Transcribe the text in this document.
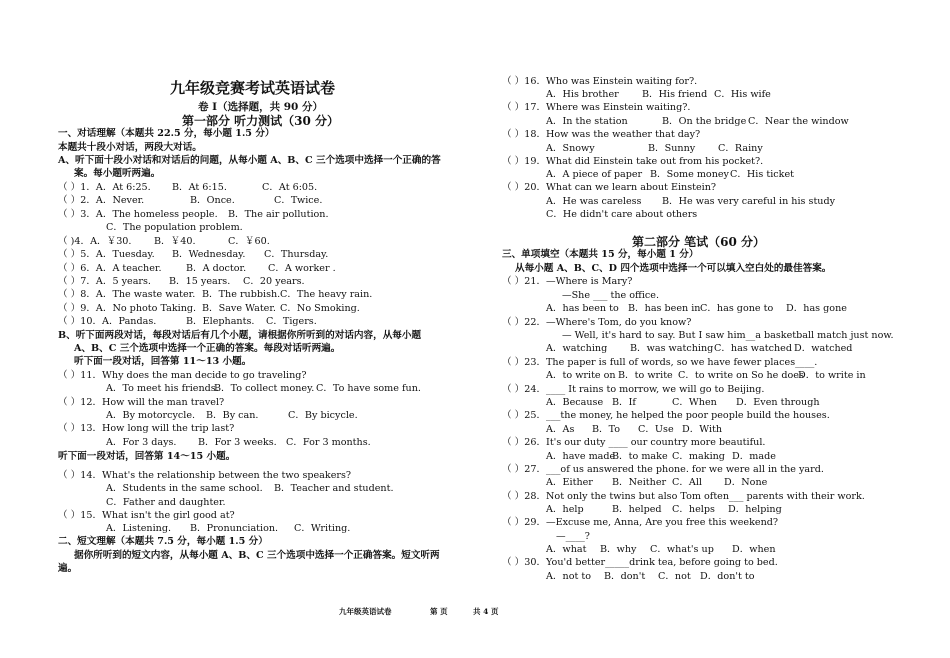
九年级竞赛考试英语试卷
卷 I（选择题，共 90 分）
第一部分 听力测试（30 分）
一、对话理解（本题共 22.5 分，每小题 1.5 分）
本题共十段小对话，两段大对话。
A、听下面十段小对话和对话后的问题，从每小题 A、B、C 三个选项中选择一个正确的答
案。每小题听两遍。
（ ）1．A．At 6:25. B．At 6:15.	C．At 6:05.
（ ）2．A．Never.	B．Once.	C．Twice.
（ ）3．A．The homeless people. B．The air pollution.
C．The population problem.
（ )4．A．￥30. B．￥40.	C．￥60.
（ ）5．A．Tuesday. B．Wednesday. C．Thursday.
（ ）6．A．A teacher.	B．A doctor. C．A worker .
（ ）7．A．5 years. B．15 years. C．20 years.
（ ）8．A．The waste water. B．The rubbish.C．The heavy rain.
（ ）9．A．No photo Taking. B．Save Water. C．No Smoking.
（ ）10．A．Pandas.	B．Elephants. C．Tigers.
B、听下面两段对话，每段对话后有几个小题，请根据你所听到的对话内容，从每小题
A、B、C 三个选项中选择一个正确的答案。每段对话听两遍。
听下面一段对话，回答第 11～13 小题。
（ ）11．Why does the man decide to go traveling?
A．To meet his friends.B．To collect money. C．To have some fun.
（ ）12．How will the man travel?
A．By motorcycle. B．By can.	C．By bicycle.
（ ）13．How long will the trip last?
A．For 3 days. B．For 3 weeks. C．For 3 months.
听下面一段对话，回答第 14～15 小题。
（ ）14．What's the relationship between the two speakers?
A．Students in the same school. B．Teacher and student.
C．Father and daughter.
（ ）15．What isn't the girl good at?
A．Listening. B．Pronunciation. C．Writing.
二、短文理解（本题共 7.5 分，每小题 1.5 分）
据你所听到的短文内容，从每小题 A、B、C 三个选项中选择一个正确答案。短文听两
遍。
（ ）16．Who was Einstein waiting for?.
A．His brother B．His friend C．His wife
（ ）17．Where was Einstein waiting?.
A．In the station	B．On the bridge C．Near the window
（ ）18．How was the weather that day?
A．Snowy	B．Sunny C．Rainy
（ ）19．What did Einstein take out from his pocket?.
A．A piece of paper B．Some moneyC．His ticket
（ ）20．What can we learn about Einstein?
A．He was careless B．He was very careful in his study
C．He didn't care about others
第二部分 笔试（60 分）
三、单项填空（本题共 15 分，每小题 1 分）
从每小题 A、B、C、D 四个选项中选择一个可以填入空白处的最佳答案。
（ ）21．—Where is Mary?
—She ___ the office.
A．has been to B．has been inC．has gone to D．has gone
（ ）22．—Where's Tom, do you know?
— Well, it's hard to say. But I saw him__a basketball match just now.
A．watching B．was watchingC．has watched D．watched
（ ）23．The paper is full of words, so we have fewer places____.
A．to write on B．to write C．to write on So he doesD．to write in
（ ）24．____ It rains to morrow, we will go to Beijing.
A．Because B．If	C．When D．Even through
（ ）25．___the money, he helped the poor people build the houses.
A．As B．To C．Use D．With
（ ）26．It's our duty ____ our country more beautiful.
A．have madeB．to make C．making D．made
（ ）27．___of us answered the phone. for we were all in the yard.
A．Either B．Neither C．All D．None
（ ）28．Not only the twins but also Tom often___ parents with their work.
A．help	B．helped C．helps D．helping
（ ）29．—Excuse me, Anna, Are you free this weekend?
—____?
A．what B．why C．what's up D．when
（ ）30．You'd better_____drink tea, before going to bed.
A．not to B．don't C．not D．don't to
九年级英语试卷	第 页	共 4 页
